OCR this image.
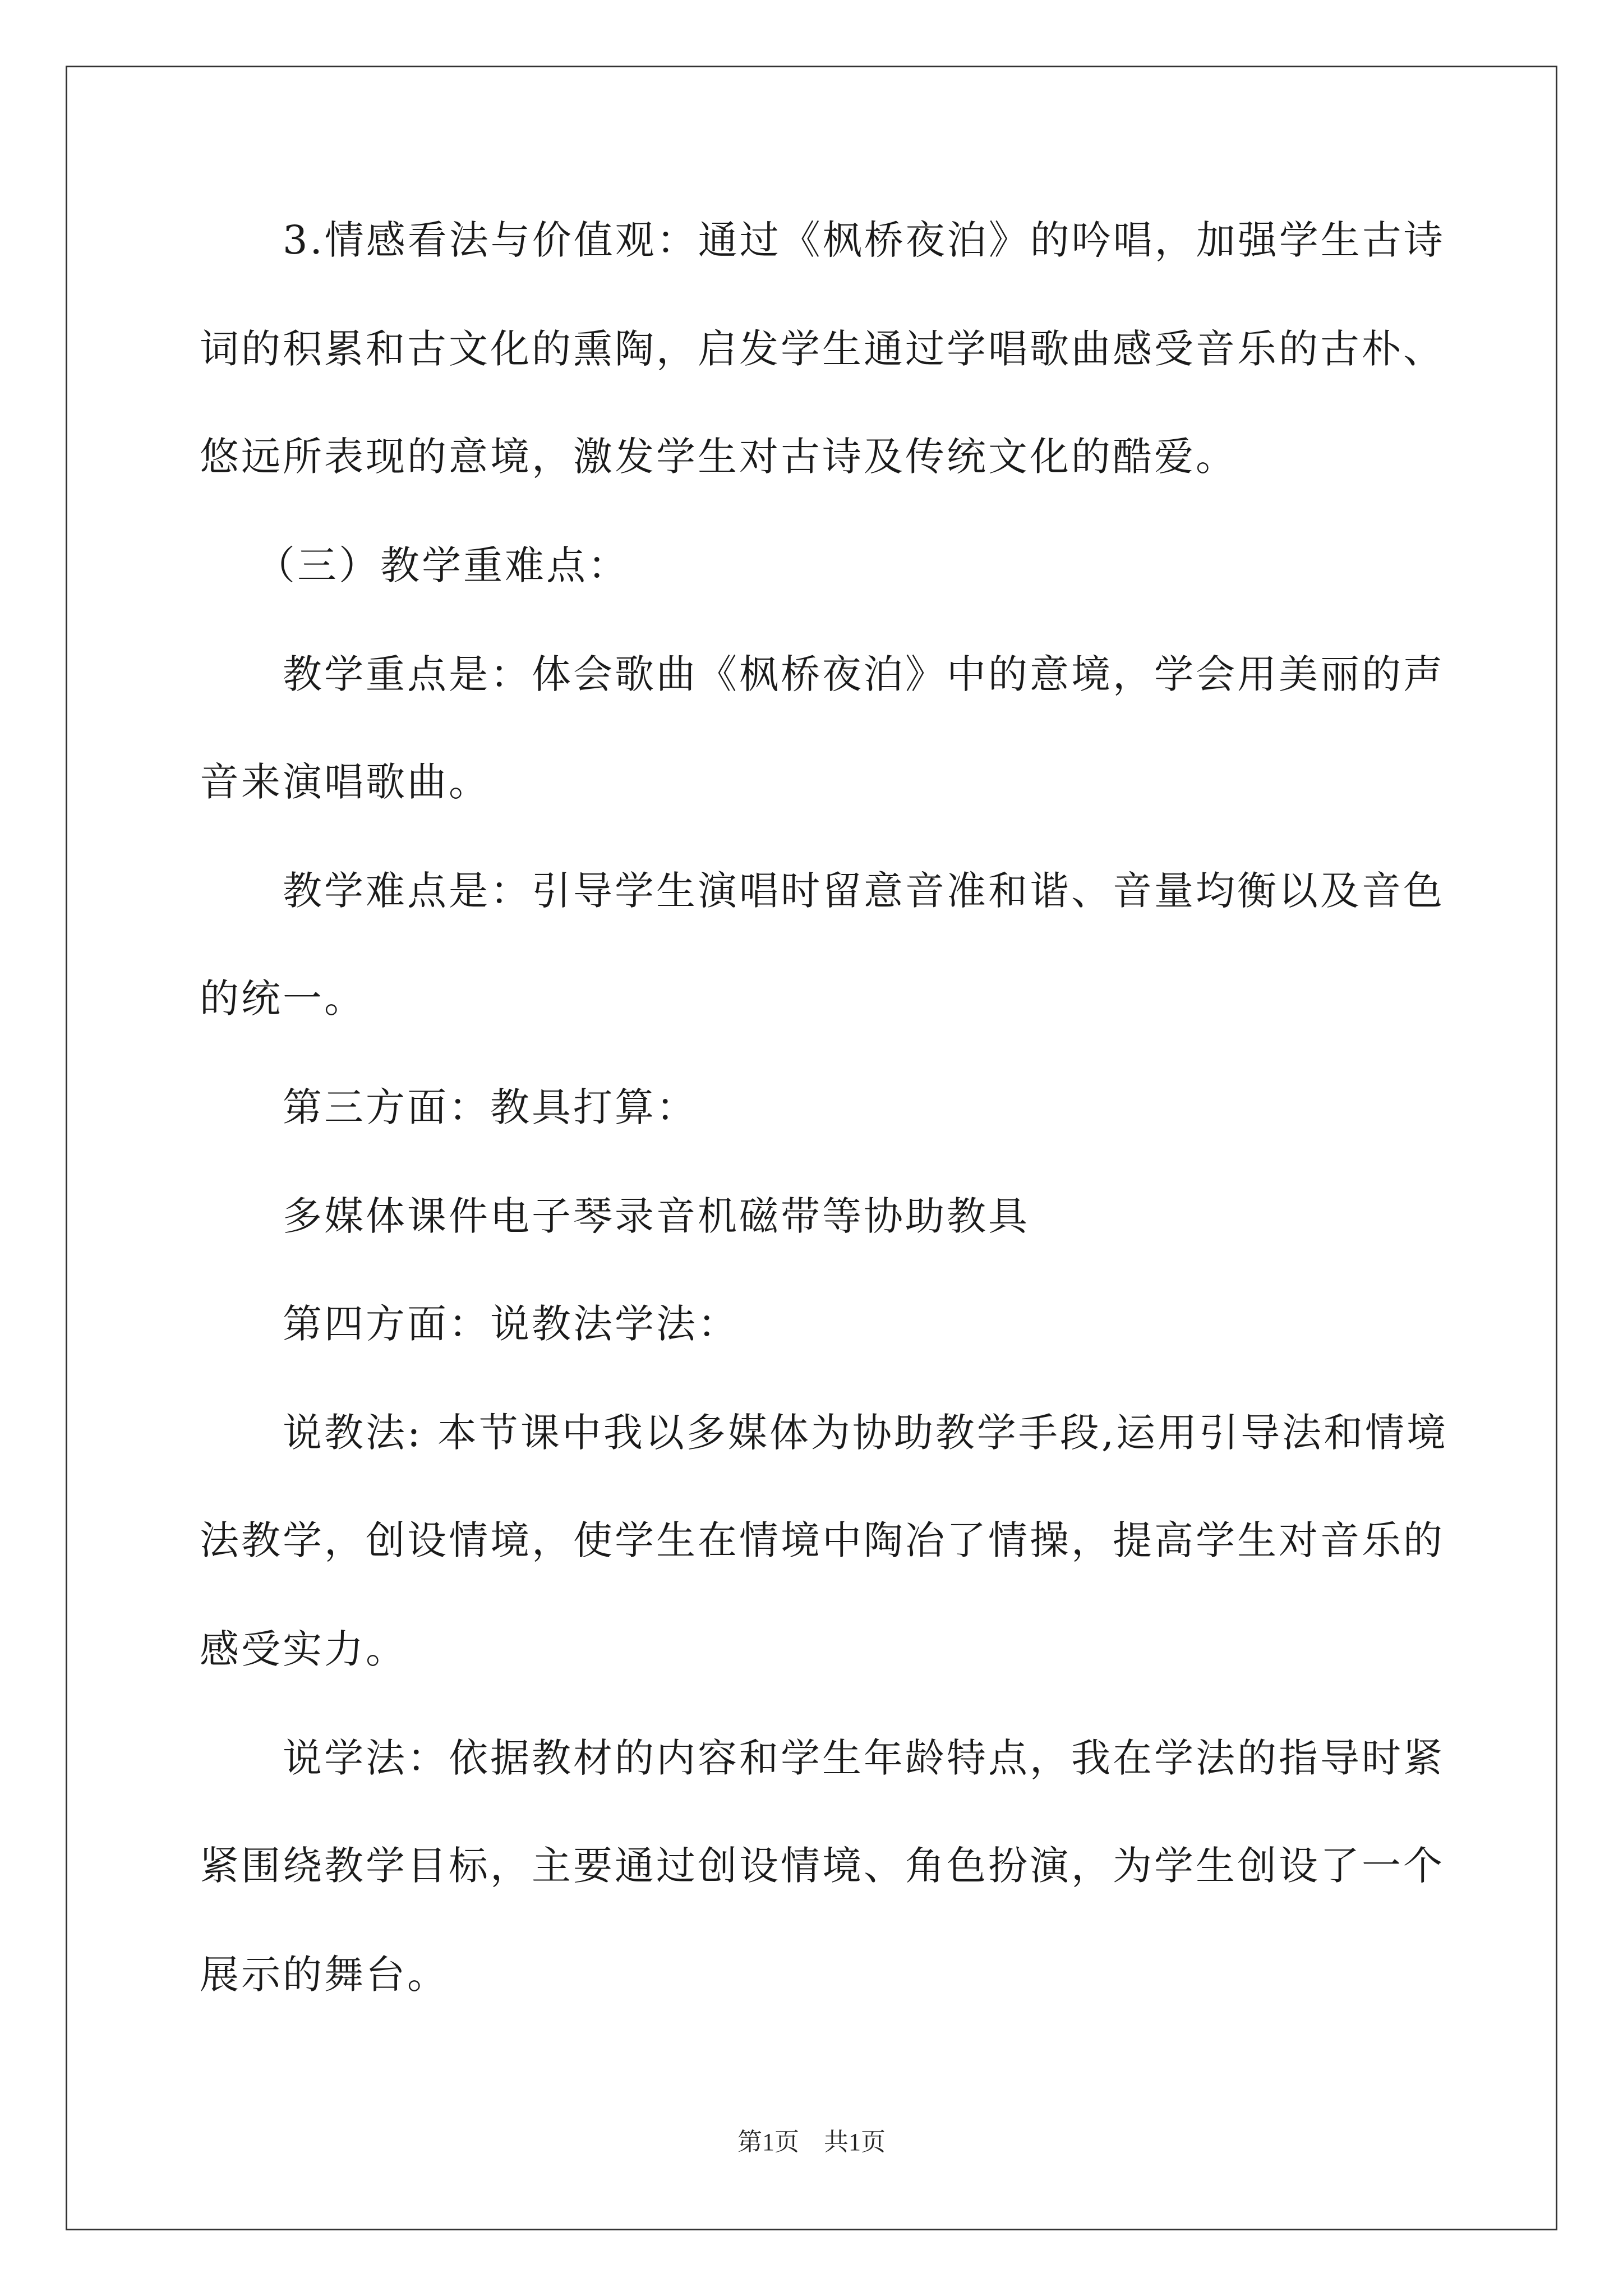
3.情感看法与价值观：通过《枫桥夜泊》的吟唱，加强学生古诗
词的积累和古文化的熏陶，启发学生通过学唱歌曲感受音乐的古朴、
悠远所表现的意境，激发学生对古诗及传统文化的酷爱。
（三）教学重难点：
教学重点是：体会歌曲《枫桥夜泊》中的意境，学会用美丽的声
音来演唱歌曲。
教学难点是：引导学生演唱时留意音准和谐、音量均衡以及音色
的统一。
第三方面：教具打算：
多媒体课件电子琴录音机磁带等协助教具
第四方面：说教法学法：
说教法: 本节课中我以多媒体为协助教学手段,运用引导法和情境
法教学，创设情境，使学生在情境中陶冶了情操，提高学生对音乐的
感受实力。
说学法：依据教材的内容和学生年龄特点，我在学法的指导时紧
紧围绕教学目标，主要通过创设情境、角色扮演，为学生创设了一个
展示的舞台。
第1页　共1页
